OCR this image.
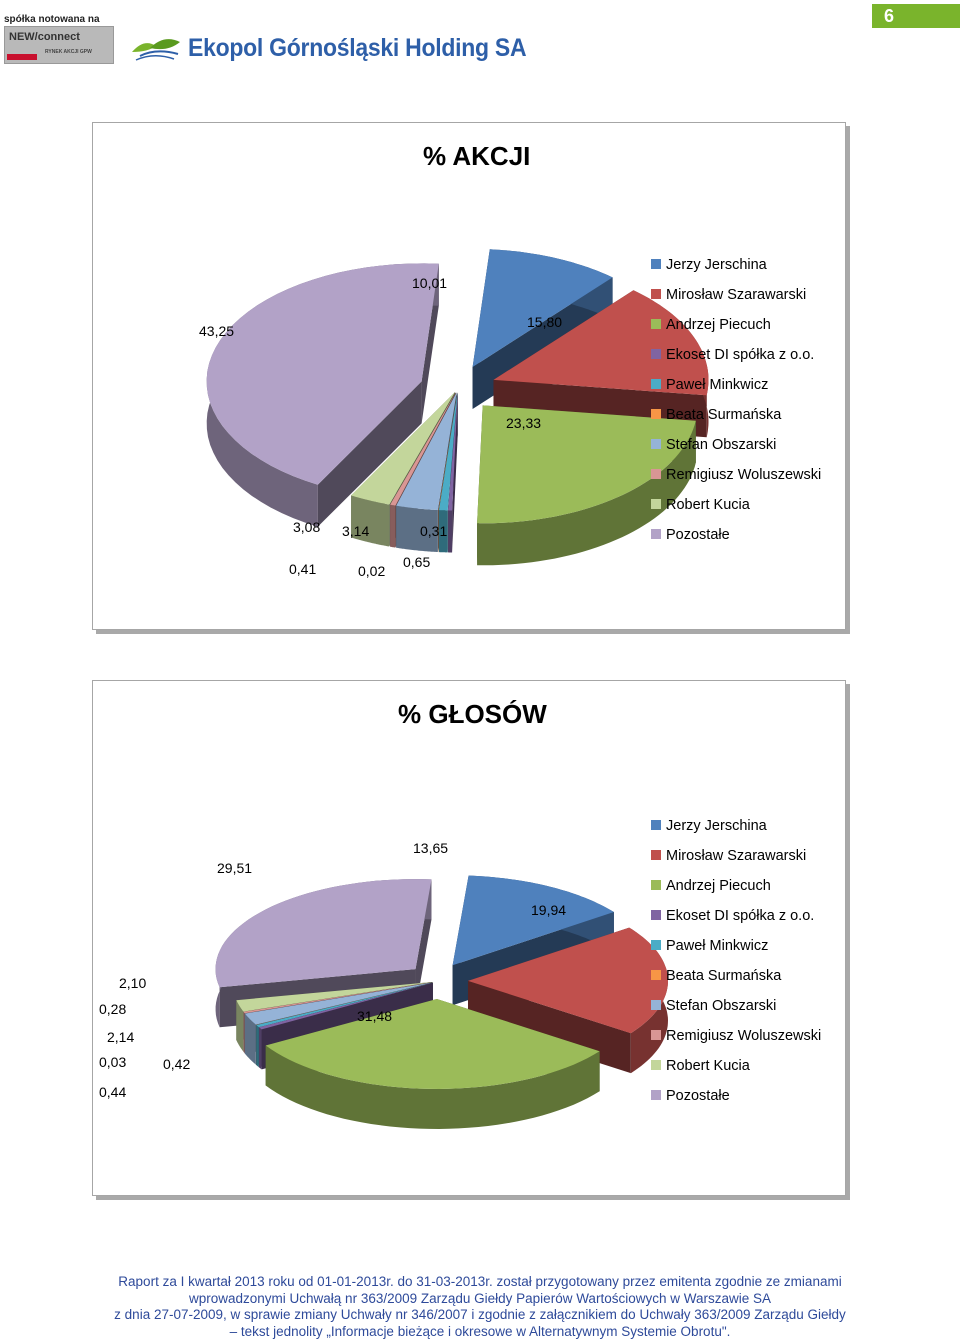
spółka notowana na
NEW/connect
RYNEK AKCJI GPW	Ekopol Górnośląski Holding SA
6
% AKCJI
10,01
15,80
23,33
0,31
0,65
0,02
3,14
0,41
3,08
43,25
Jerzy Jerschina
Mirosław Szarawarski
Andrzej Piecuch
Ekoset DI spółka z o.o.
Paweł Minkwicz
Beata Surmańska
Stefan Obszarski
Remigiusz Woluszewski
Robert Kucia
Pozostałe
% GŁOSÓW
13,65
19,94
31,48
0,42
0,44
0,03
2,14
0,28
2,10
29,51
Jerzy Jerschina
Mirosław Szarawarski
Andrzej Piecuch
Ekoset DI spółka z o.o.
Paweł Minkwicz
Beata Surmańska
Stefan Obszarski
Remigiusz Woluszewski
Robert Kucia
Pozostałe
Raport za I kwartał 2013 roku od 01-01-2013r. do 31-03-2013r. został przygotowany przez emitenta zgodnie ze zmianami
wprowadzonymi Uchwałą nr 363/2009 Zarządu Giełdy Papierów Wartościowych w Warszawie SA
z dnia 27-07-2009, w sprawie zmiany Uchwały nr 346/2007 i zgodnie z załącznikiem do Uchwały 363/2009 Zarządu Giełdy
– tekst jednolity „Informacje bieżące i okresowe w Alternatywnym Systemie Obrotu".
